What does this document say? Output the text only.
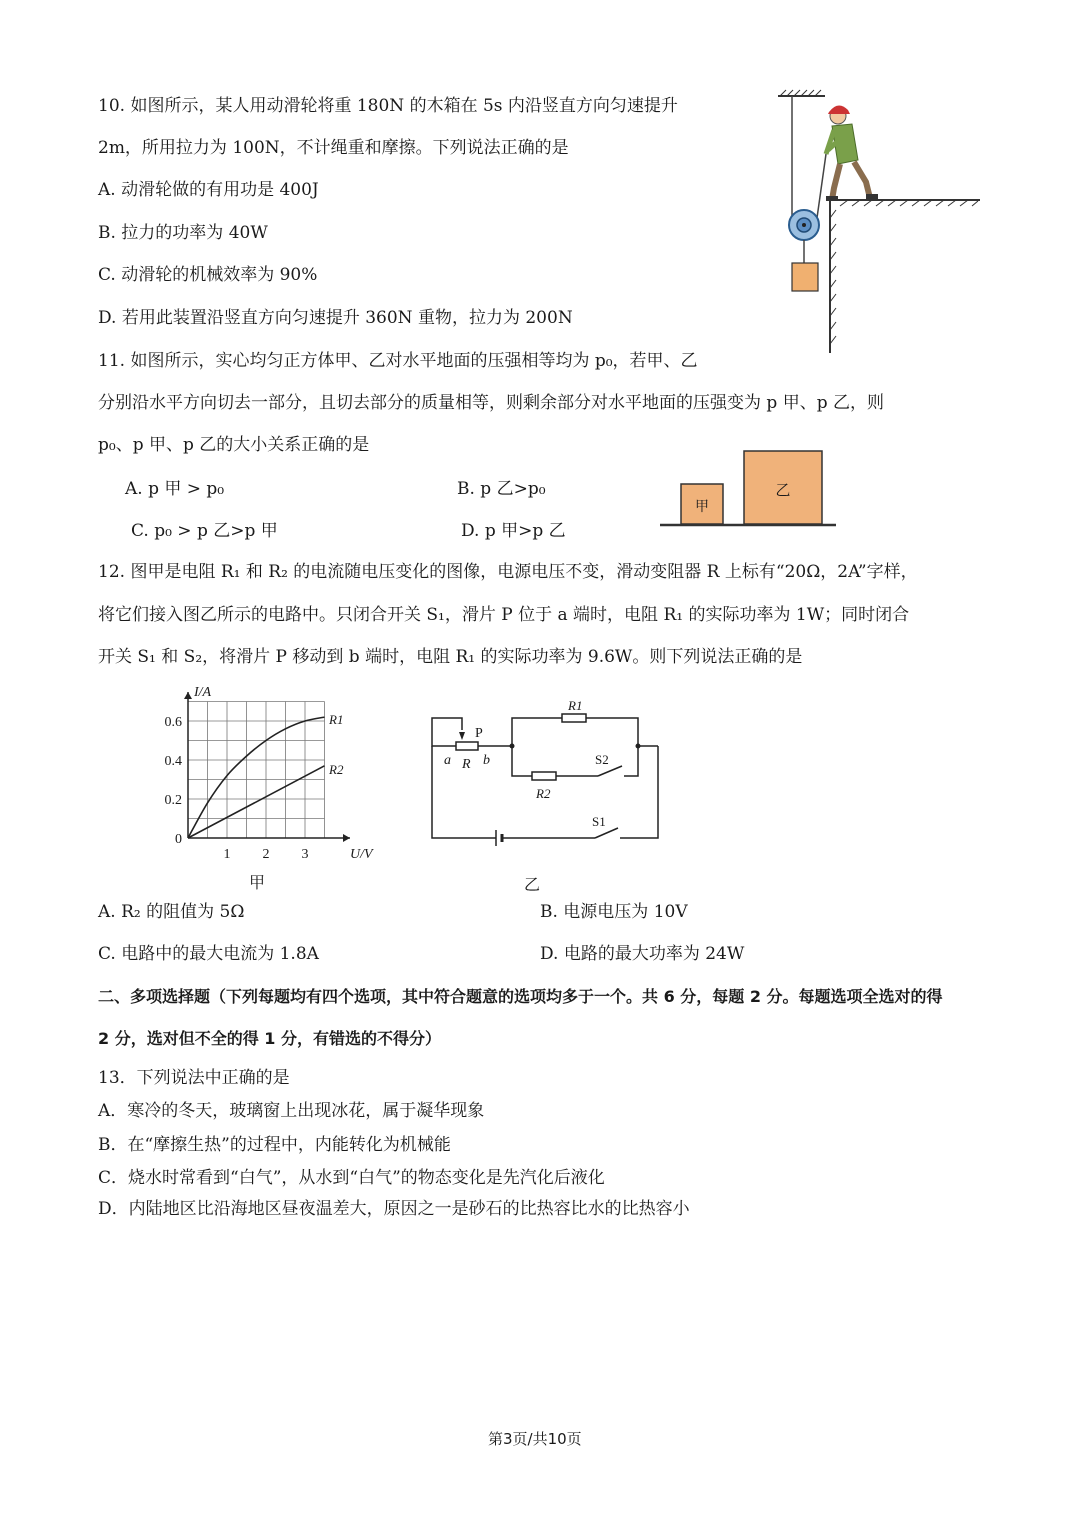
10. 如图所示，某人用动滑轮将重 180N 的木箱在 5s 内沿竖直方向匀速提升
2m，所用拉力为 100N，不计绳重和摩擦。下列说法正确的是
A. 动滑轮做的有用功是 400J
B. 拉力的功率为 40W
C. 动滑轮的机械效率为 90%
D. 若用此装置沿竖直方向匀速提升 360N 重物，拉力为 200N
11. 如图所示，实心均匀正方体甲、乙对水平地面的压强相等均为 p₀，若甲、乙
分别沿水平方向切去一部分，且切去部分的质量相等，则剩余部分对水平地面的压强变为 p 甲、p 乙，则
p₀、p 甲、p 乙的大小关系正确的是
A. p 甲 > p₀	B. p 乙>p₀
C. p₀ > p 乙>p 甲	D. p 甲>p 乙
甲
乙
12. 图甲是电阻 R₁ 和 R₂ 的电流随电压变化的图像，电源电压不变，滑动变阻器 R 上标有“20Ω，2A”字样，
将它们接入图乙所示的电路中。只闭合开关 S₁，滑片 P 位于 a 端时，电阻 R₁ 的实际功率为 1W；同时闭合
开关 S₁ 和 S₂，将滑片 P 移动到 b 端时，电阻 R₁ 的实际功率为 9.6W。则下列说法正确的是
0.2
0.4
0.6
1 2 3
I/A
U/V
0
R1
R2
甲
P
a R b
R1
R2
S2
S1
乙
A. R₂ 的阻值为 5Ω	B. 电源电压为 10V
C. 电路中的最大电流为 1.8A	D. 电路的最大功率为 24W
二、多项选择题（下列每题均有四个选项，其中符合题意的选项均多于一个。共 6 分，每题 2 分。每题选项全选对的得
2 分，选对但不全的得 1 分，有错选的不得分）
13．下列说法中正确的是
A．寒冷的冬天，玻璃窗上出现冰花，属于凝华现象
B．在“摩擦生热”的过程中，内能转化为机械能
C．烧水时常看到“白气”，从水到“白气”的物态变化是先汽化后液化
D．内陆地区比沿海地区昼夜温差大，原因之一是砂石的比热容比水的比热容小
第3页/共10页
